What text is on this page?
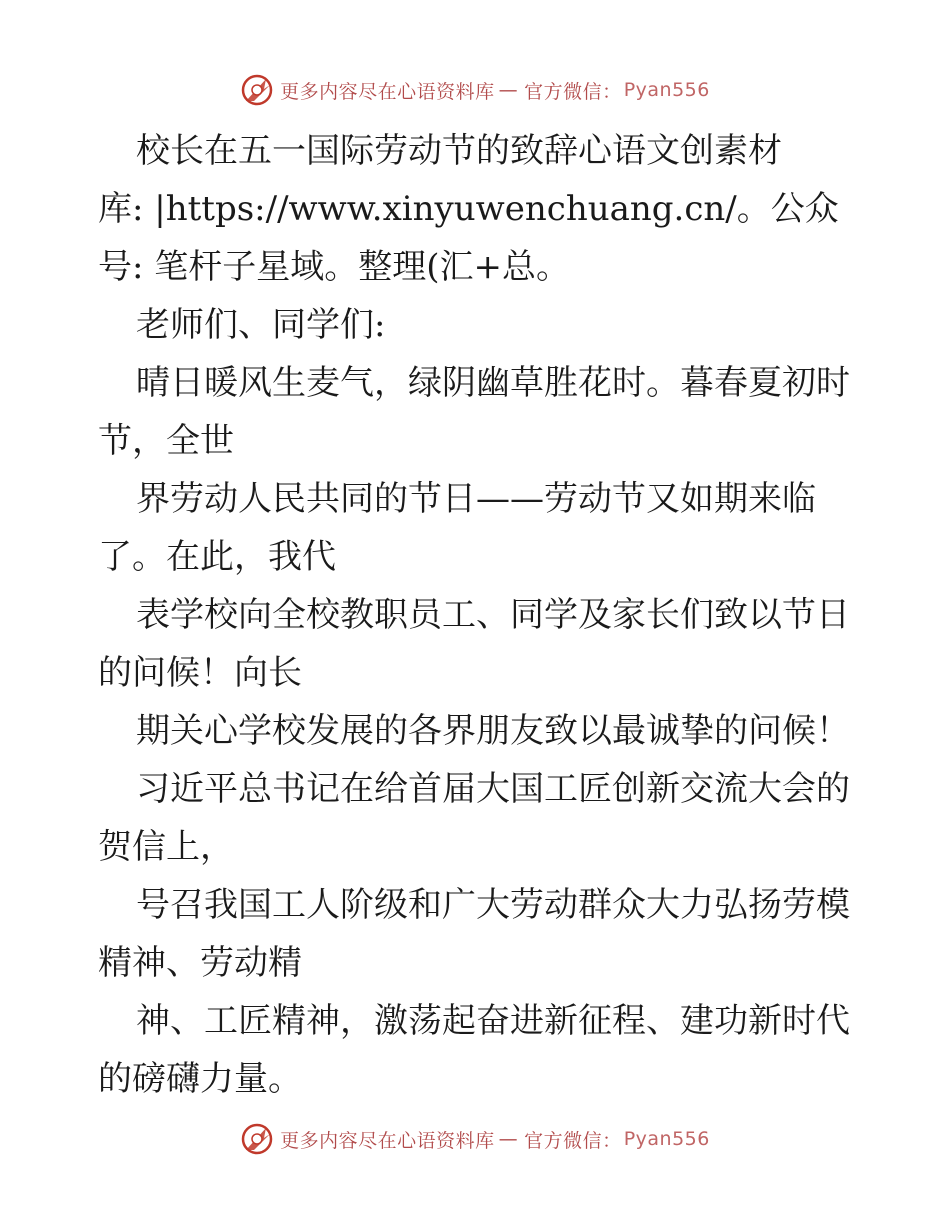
更多内容尽在心语资料库 — 官方微信： Pyan556
校长在五一国际劳动节的致辞心语文创素材
库: |https://www.xinyuwenchuang.cn/。公众
号: 笔杆子星域。整理(汇+总。
老师们、同学们:
晴日暖风生麦气，绿阴幽草胜花时。暮春夏初时
节，全世
界劳动人民共同的节日——劳动节又如期来临
了。在此，我代
表学校向全校教职员工、同学及家长们致以节日
的问候！向长
期关心学校发展的各界朋友致以最诚挚的问候！
习近平总书记在给首届大国工匠创新交流大会的
贺信上，
号召我国工人阶级和广大劳动群众大力弘扬劳模
精神、劳动精
神、工匠精神，激荡起奋进新征程、建功新时代
的磅礴力量。
更多内容尽在心语资料库 — 官方微信： Pyan556
